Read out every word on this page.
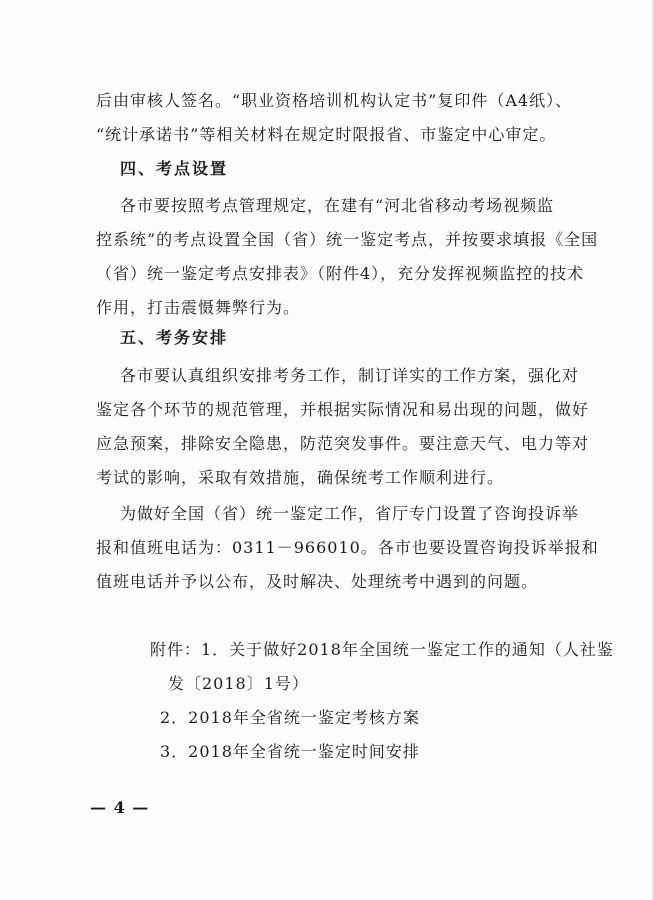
后由审核人签名。“职业资格培训机构认定书”复印件（A4纸）、
“统计承诺书”等相关材料在规定时限报省、市鉴定中心审定。
四、考点设置
各市要按照考点管理规定，在建有“河北省移动考场视频监
控系统”的考点设置全国（省）统一鉴定考点，并按要求填报《全国
（省）统一鉴定考点安排表》（附件4），充分发挥视频监控的技术
作用，打击震慑舞弊行为。
五、考务安排
各市要认真组织安排考务工作，制订详实的工作方案，强化对
鉴定各个环节的规范管理，并根据实际情况和易出现的问题，做好
应急预案，排除安全隐患，防范突发事件。要注意天气、电力等对
考试的影响，采取有效措施，确保统考工作顺利进行。
为做好全国（省）统一鉴定工作，省厅专门设置了咨询投诉举
报和值班电话为：0311－966010。各市也要设置咨询投诉举报和
值班电话并予以公布，及时解决、处理统考中遇到的问题。
附件：1．关于做好2018年全国统一鉴定工作的通知（人社鉴
发〔2018〕1号）
2．2018年全省统一鉴定考核方案
3．2018年全省统一鉴定时间安排
— 4 —
